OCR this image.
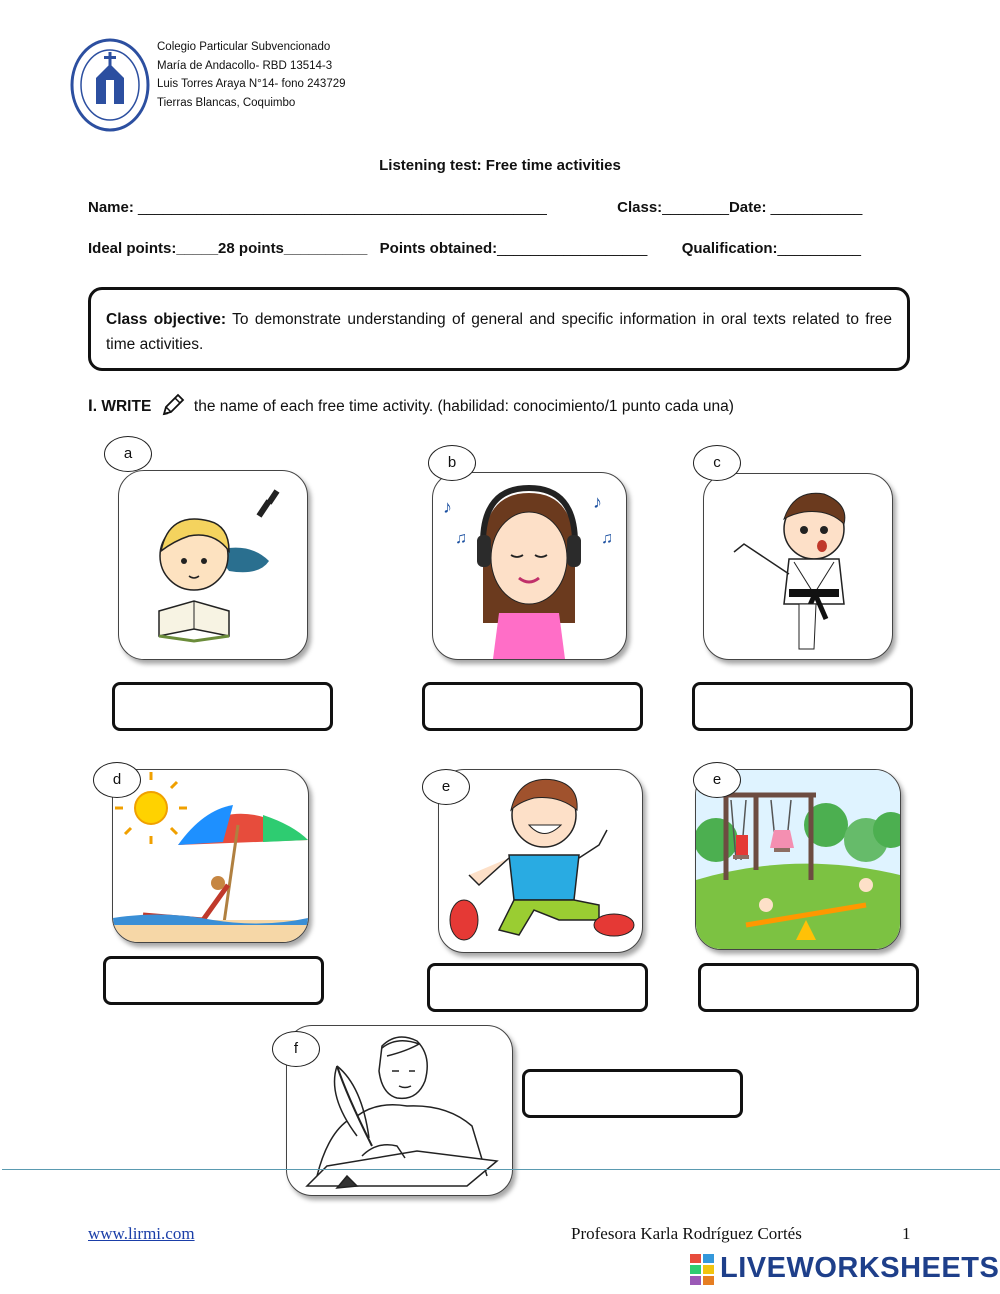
Colegio Particular Subvencionado
María de Andacollo- RBD 13514-3
Luis Torres Araya N°14- fono 243729
Tierras Blancas, Coquimbo
Listening test: Free time activities
Name: _________________________________________________	Class:________Date: ___________
Ideal points:_____28 points__________ Points obtained:__________________ Qualification:__________
Class objective: To demonstrate understanding of general and specific information in oral texts related to free time activities.
I. WRITE	the name of each free time activity. (habilidad: conocimiento/1 punto cada una)
a
♪
♫
♪
♫
b	c
d	e	e
f
www.lirmi.com	Profesora Karla Rodríguez Cortés	1
LIVEWORKSHEETS
